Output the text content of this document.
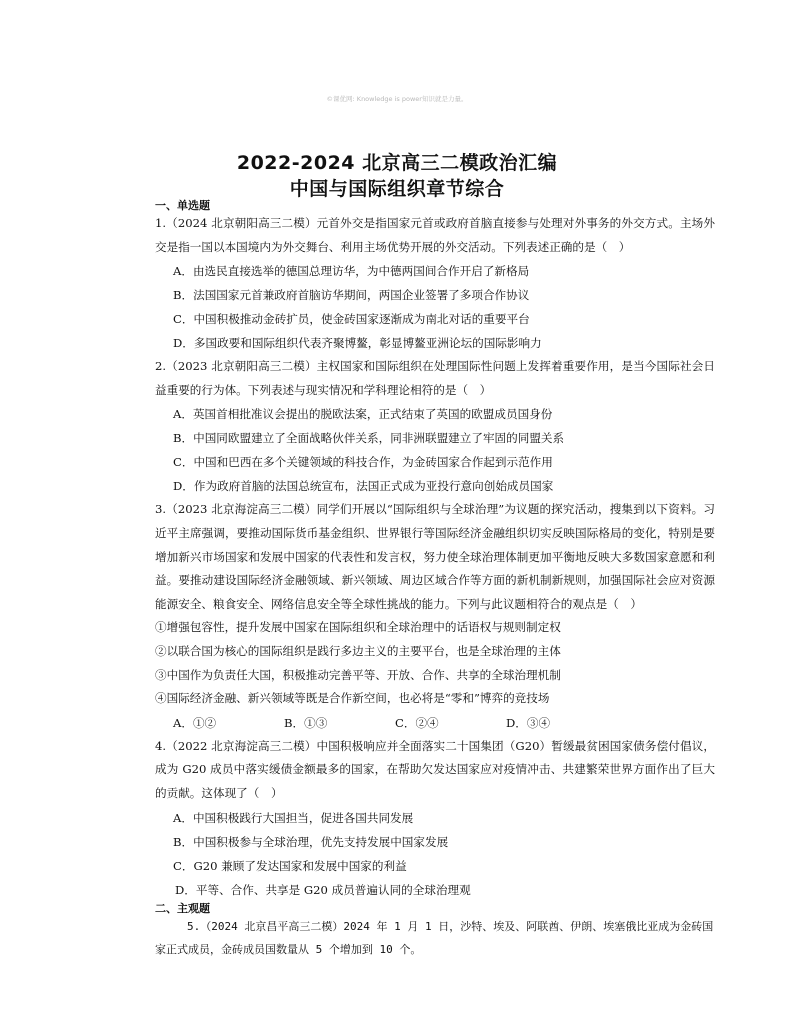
©课优网: Knowledge is power知识就是力量。
2022-2024 北京高三二模政治汇编
中国与国际组织章节综合
一、单选题
1.（2024 北京朝阳高三二模）元首外交是指国家元首或政府首脑直接参与处理对外事务的外交方式。主场外交是指一国以本国境内为外交舞台、利用主场优势开展的外交活动。下列表述正确的是（　）
A．由选民直接选举的德国总理访华，为中德两国间合作开启了新格局
B．法国国家元首兼政府首脑访华期间，两国企业签署了多项合作协议
C．中国积极推动金砖扩员，使金砖国家逐渐成为南北对话的重要平台
D．多国政要和国际组织代表齐聚博鳌，彰显博鳌亚洲论坛的国际影响力
2.（2023 北京朝阳高三二模）主权国家和国际组织在处理国际性问题上发挥着重要作用，是当今国际社会日益重要的行为体。下列表述与现实情况和学科理论相符的是（　）
A．英国首相批准议会提出的脱欧法案，正式结束了英国的欧盟成员国身份
B．中国同欧盟建立了全面战略伙伴关系，同非洲联盟建立了牢固的同盟关系
C．中国和巴西在多个关键领域的科技合作，为金砖国家合作起到示范作用
D．作为政府首脑的法国总统宣布，法国正式成为亚投行意向创始成员国家
3.（2023 北京海淀高三二模）同学们开展以“国际组织与全球治理”为议题的探究活动，搜集到以下资料。习近平主席强调，要推动国际货币基金组织、世界银行等国际经济金融组织切实反映国际格局的变化，特别是要增加新兴市场国家和发展中国家的代表性和发言权，努力使全球治理体制更加平衡地反映大多数国家意愿和利益。要推动建设国际经济金融领域、新兴领域、周边区域合作等方面的新机制新规则，加强国际社会应对资源能源安全、粮食安全、网络信息安全等全球性挑战的能力。下列与此议题相符合的观点是（　）
①增强包容性，提升发展中国家在国际组织和全球治理中的话语权与规则制定权
②以联合国为核心的国际组织是践行多边主义的主要平台，也是全球治理的主体
③中国作为负责任大国，积极推动完善平等、开放、合作、共享的全球治理机制
④国际经济金融、新兴领域等既是合作新空间，也必将是“零和”博弈的竞技场
A．①②	B．①③	C．②④	D．③④
4.（2022 北京海淀高三二模）中国积极响应并全面落实二十国集团（G20）暂缓最贫困国家债务偿付倡议，成为 G20 成员中落实缓债金额最多的国家，在帮助欠发达国家应对疫情冲击、共建繁荣世界方面作出了巨大的贡献。这体现了（　）
A．中国积极践行大国担当，促进各国共同发展
B．中国积极参与全球治理，优先支持发展中国家发展
C．G20 兼顾了发达国家和发展中国家的利益
D．平等、合作、共享是 G20 成员普遍认同的全球治理观
二、主观题
5.（2024 北京昌平高三二模）2024 年 1 月 1 日，沙特、埃及、阿联酋、伊朗、埃塞俄比亚成为金砖国家正式成员，金砖成员国数量从 5 个增加到 10 个。
